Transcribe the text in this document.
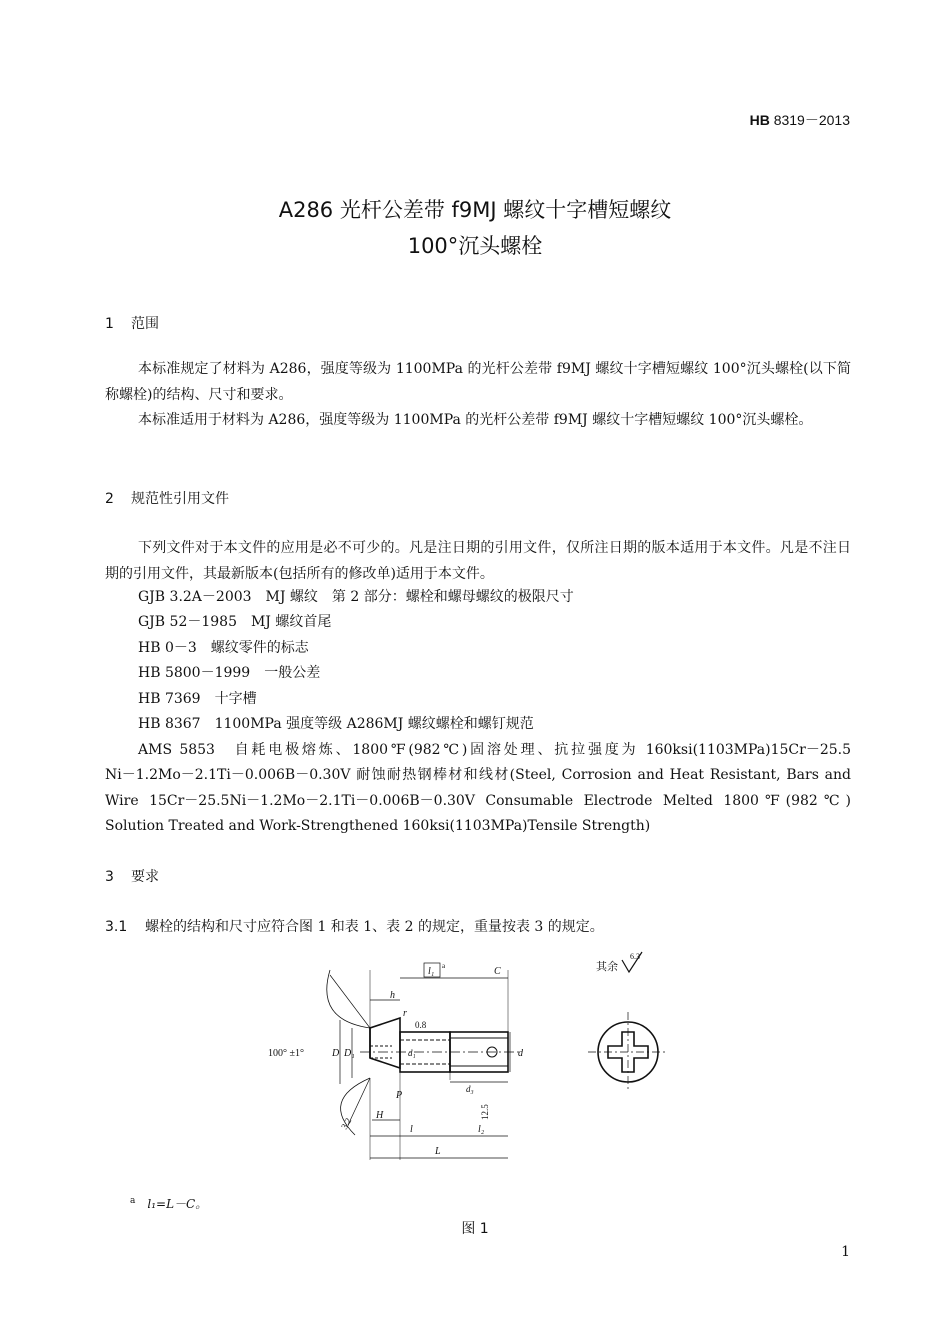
HB 8319－2013
A286 光杆公差带 f9MJ 螺纹十字槽短螺纹
100°沉头螺栓
1 范围
本标准规定了材料为 A286，强度等级为 1100MPa 的光杆公差带 f9MJ 螺纹十字槽短螺纹 100°沉头螺栓(以下简称螺栓)的结构、尺寸和要求。
本标准适用于材料为 A286，强度等级为 1100MPa 的光杆公差带 f9MJ 螺纹十字槽短螺纹 100°沉头螺栓。
2 规范性引用文件
下列文件对于本文件的应用是必不可少的。凡是注日期的引用文件，仅所注日期的版本适用于本文件。凡是不注日期的引用文件，其最新版本(包括所有的修改单)适用于本文件。
GJB 3.2A－2003　MJ 螺纹　第 2 部分：螺栓和螺母螺纹的极限尺寸
GJB 52－1985　MJ 螺纹首尾
HB 0－3　螺纹零件的标志
HB 5800－1999　一般公差
HB 7369　十字槽
HB 8367　1100MPa 强度等级 A286MJ 螺纹螺栓和螺钉规范
AMS 5853　自耗电极熔炼、1800℉(982℃)固溶处理、抗拉强度为 160ksi(1103MPa)15Cr－25.5
Ni－1.2Mo－2.1Ti－0.006B－0.30V 耐蚀耐热钢棒材和线材(Steel, Corrosion and Heat Resistant, Bars and
Wire 15Cr－25.5Ni－1.2Mo－2.1Ti－0.006B－0.30V Consumable Electrode Melted 1800℉(982℃)
Solution Treated and Work-Strengthened 160ksi(1103MPa)Tensile Strength)
3 要求
3.1 螺栓的结构和尺寸应符合图 1 和表 1、表 2 的规定，重量按表 3 的规定。
100° ±1°	D D₁	d₁	d
l₁ a	C
h
r
0.8
P
H
d₃
12.5
l	l₂
L
3.2
其余
6.3
$^a$ l₁=L－C。
图 1
1
